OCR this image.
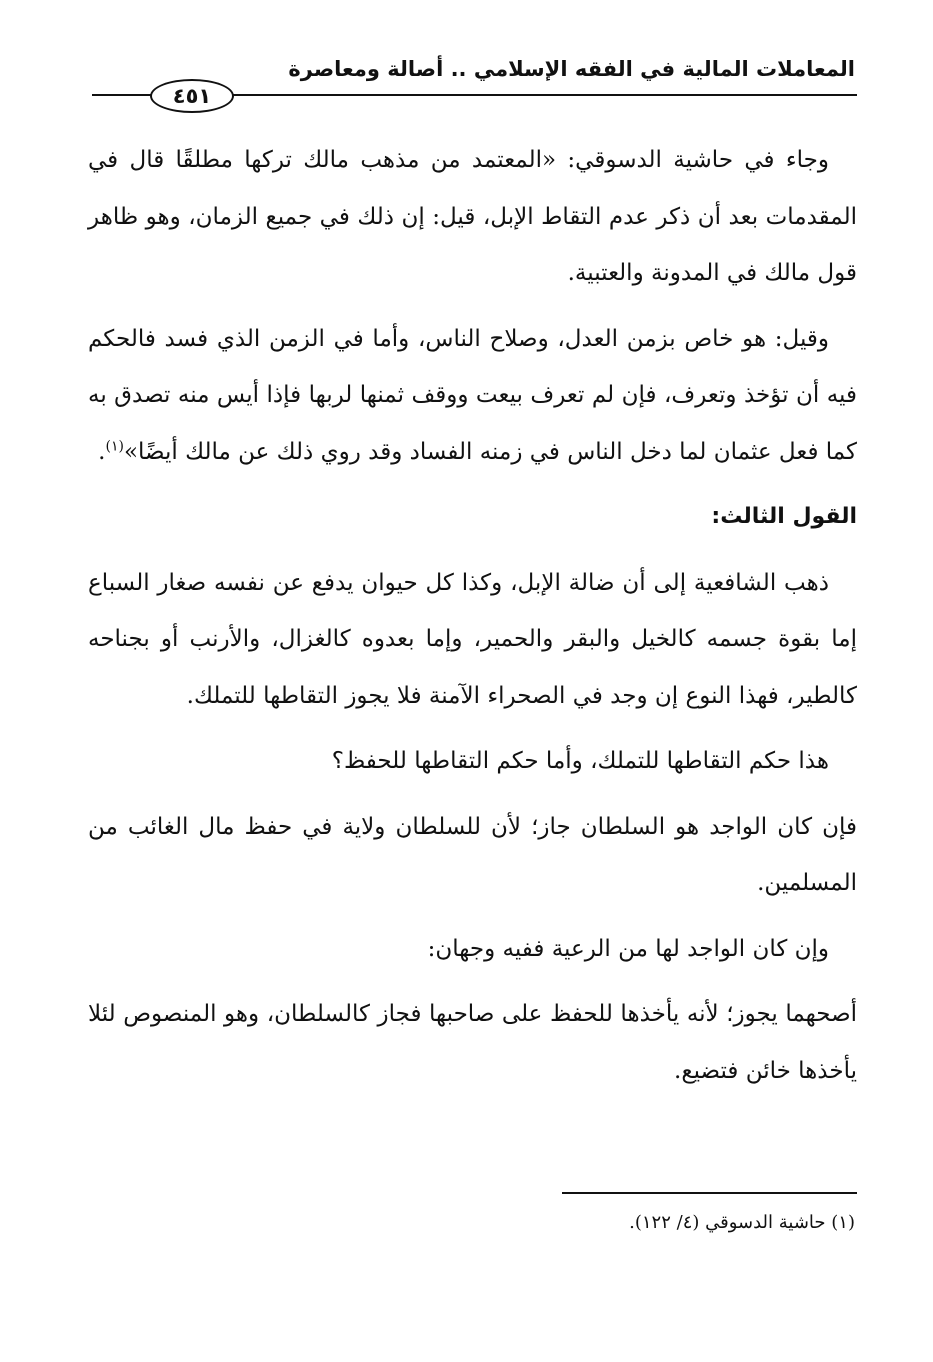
المعاملات المالية في الفقه الإسلامي .. أصالة ومعاصرة
٤٥١

وجاء في حاشية الدسوقي: «المعتمد من مذهب مالك تركها مطلقًا قال في المقدمات بعد أن ذكر عدم التقاط الإبل، قيل: إن ذلك في جميع الزمان، وهو ظاهر قول مالك في المدونة والعتبية.

وقيل: هو خاص بزمن العدل، وصلاح الناس، وأما في الزمن الذي فسد فالحكم فيه أن تؤخذ وتعرف، فإن لم تعرف بيعت ووقف ثمنها لربها فإذا أيس منه تصدق به كما فعل عثمان لما دخل الناس في زمنه الفساد وقد روي ذلك عن مالك أيضًا»$^{(١)}$.

القول الثالث:

ذهب الشافعية إلى أن ضالة الإبل، وكذا كل حيوان يدفع عن نفسه صغار السباع إما بقوة جسمه كالخيل والبقر والحمير، وإما بعدوه كالغزال، والأرنب أو بجناحه كالطير، فهذا النوع إن وجد في الصحراء الآمنة فلا يجوز التقاطها للتملك.

هذا حكم التقاطها للتملك، وأما حكم التقاطها للحفظ؟

فإن كان الواجد هو السلطان جاز؛ لأن للسلطان ولاية في حفظ مال الغائب من المسلمين.

وإن كان الواجد لها من الرعية ففيه وجهان:

أصحهما يجوز؛ لأنه يأخذها للحفظ على صاحبها فجاز كالسلطان، وهو المنصوص لئلا يأخذها خائن فتضيع.

(١) حاشية الدسوقي (٤/ ١٢٢).
